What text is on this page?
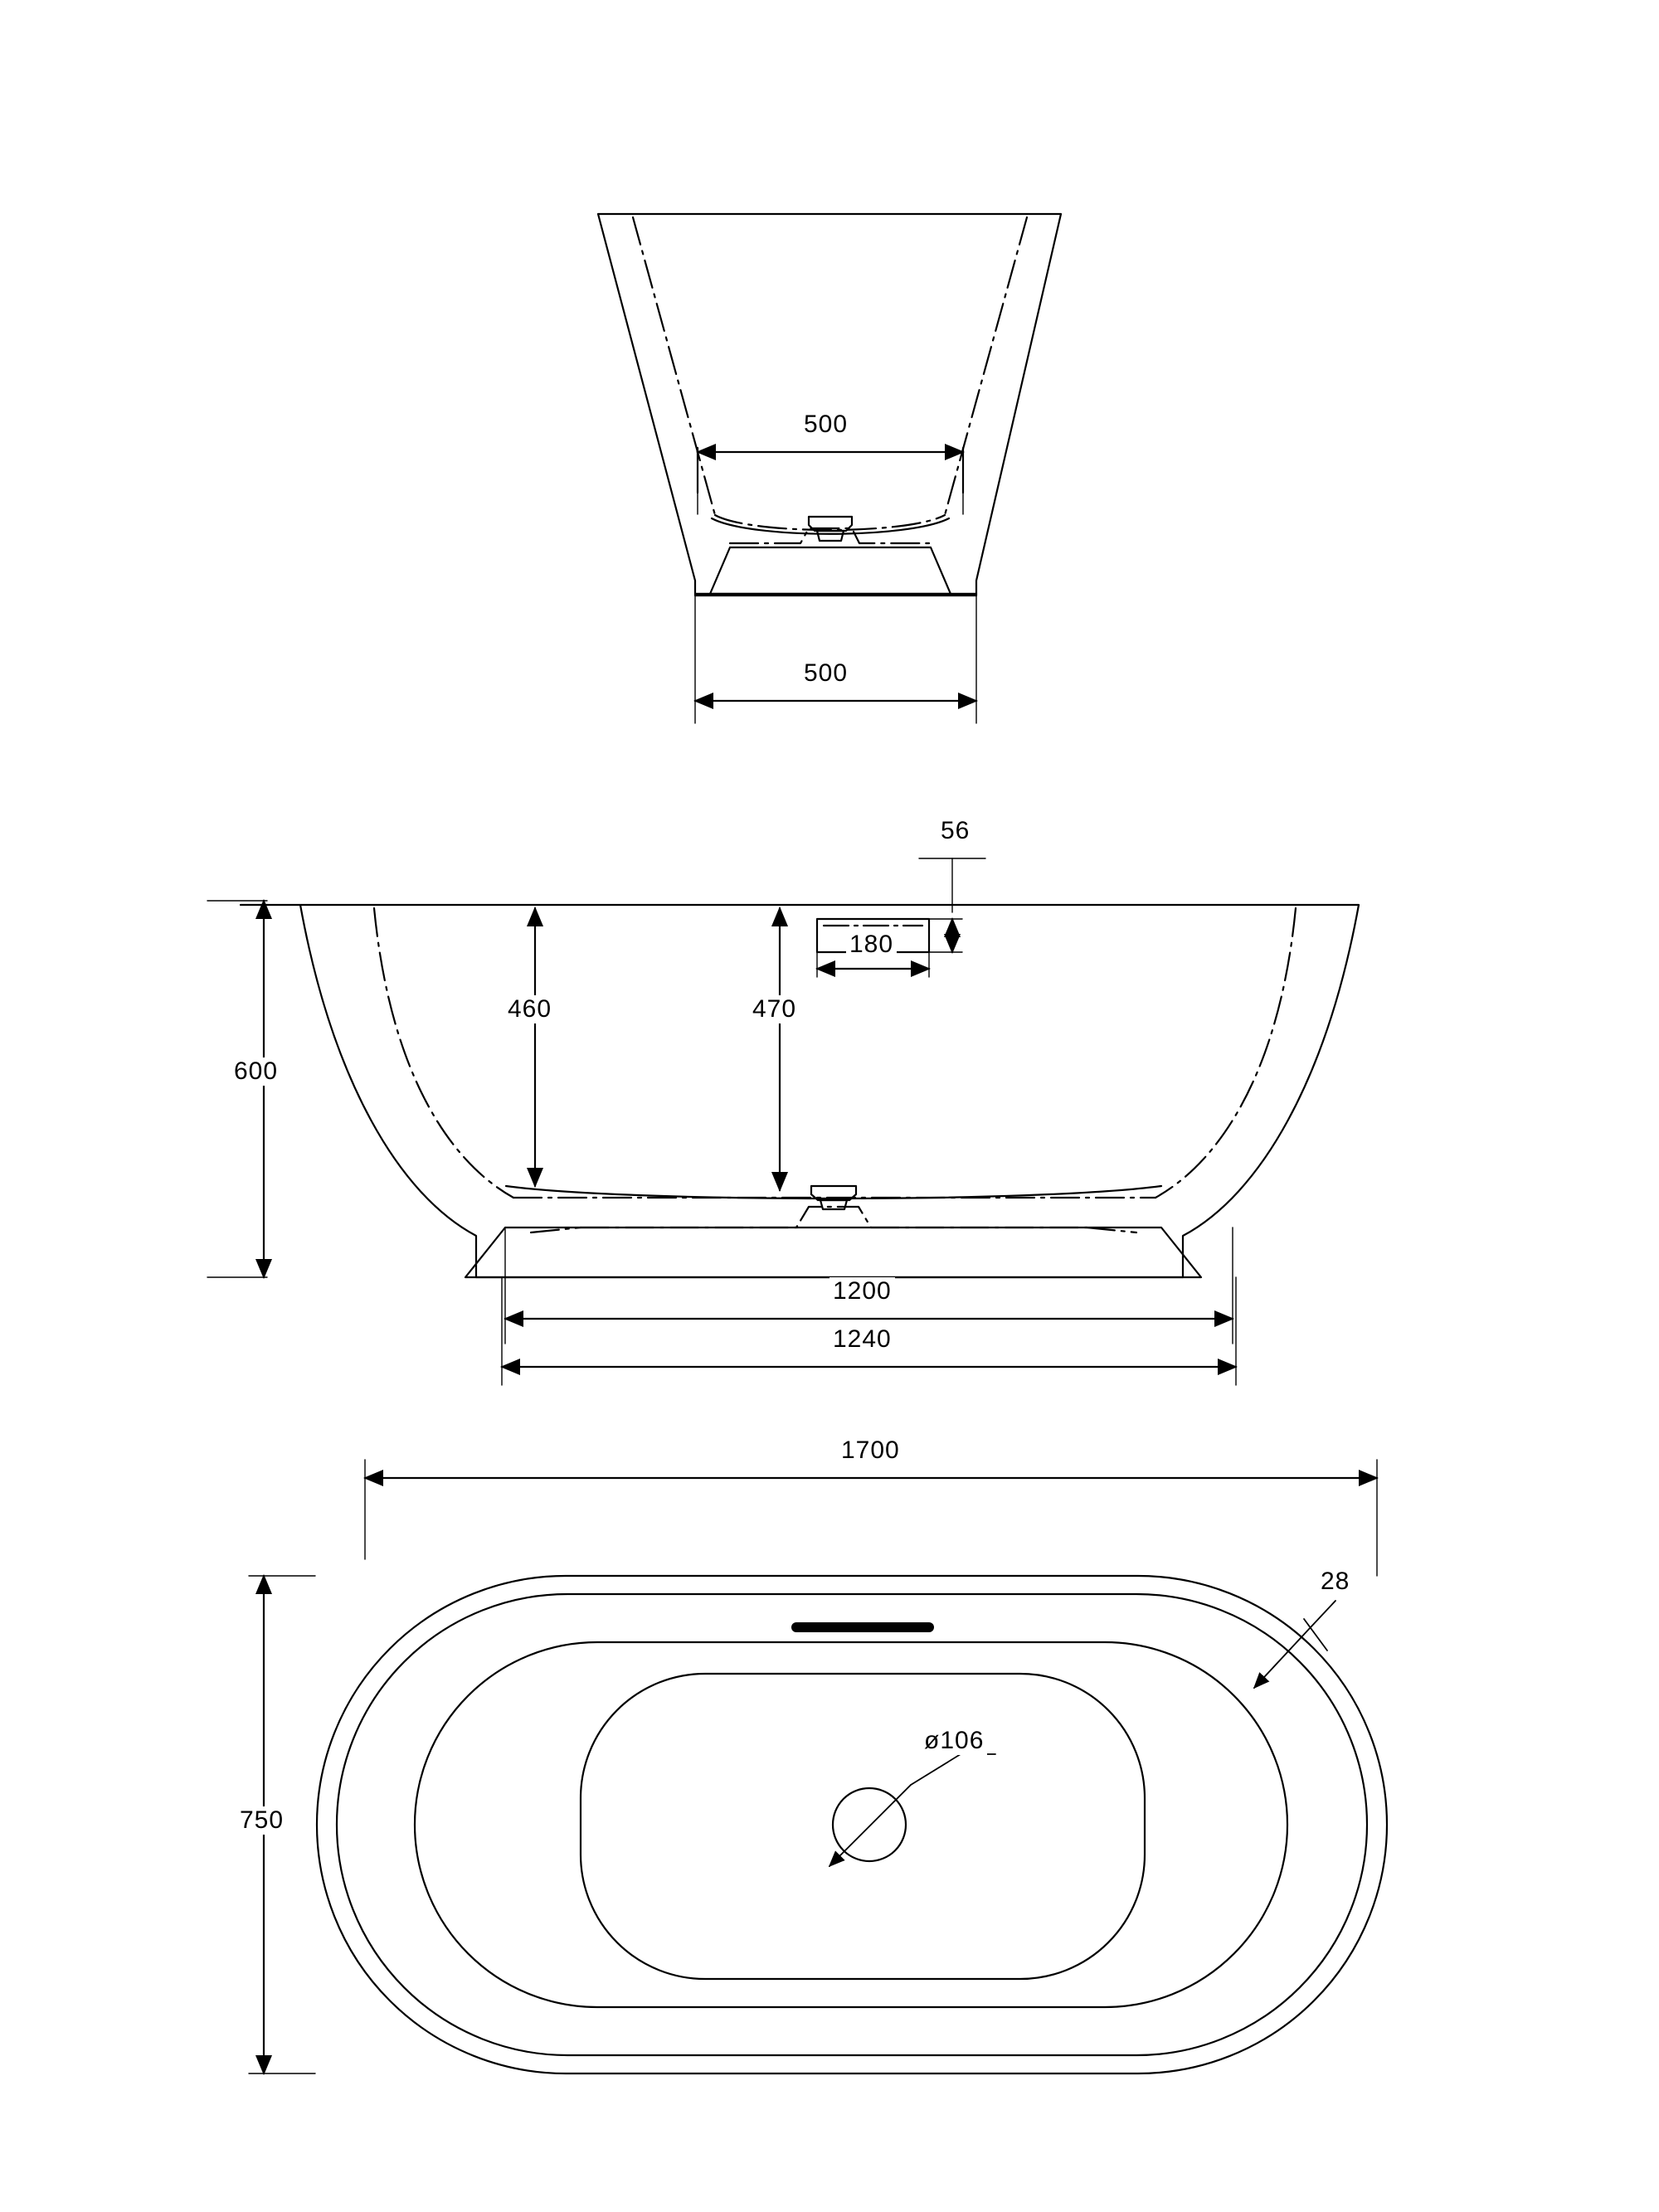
500
500
600
460	470
180
56
1200
1240
1700
750
28
ø106
